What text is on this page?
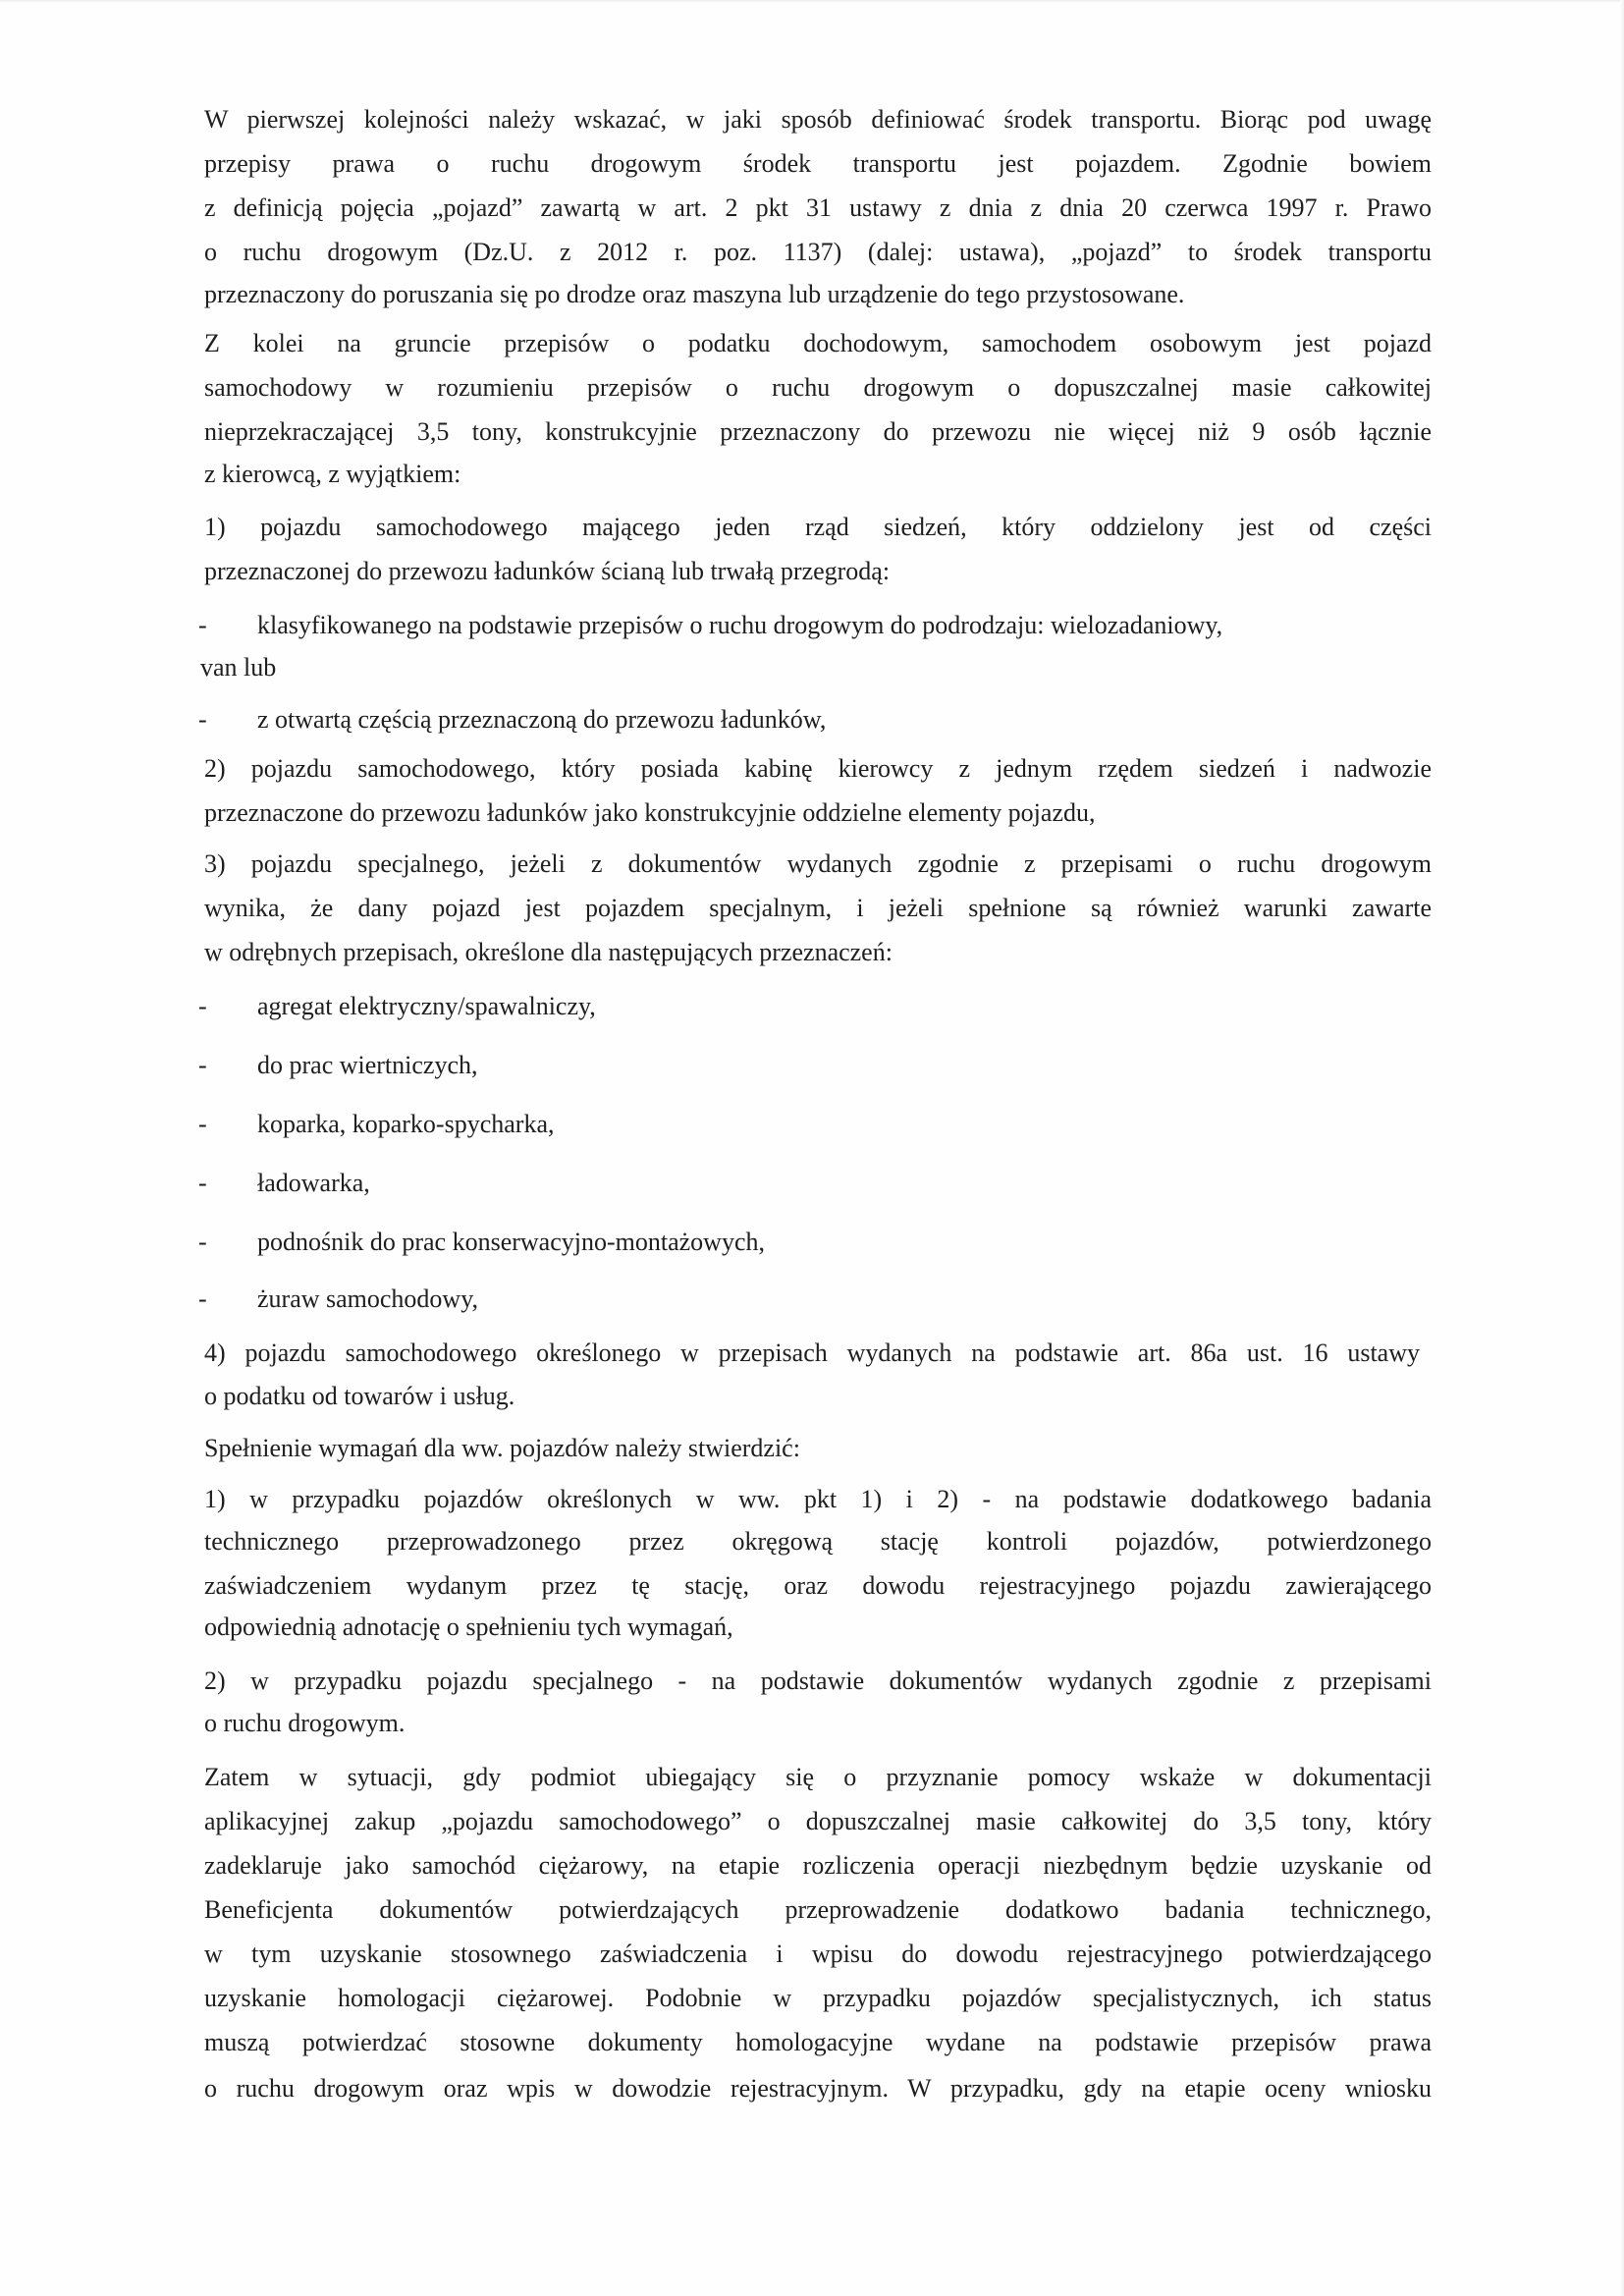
W pierwszej kolejności należy wskazać, w jaki sposób definiować środek transportu. Biorąc pod uwagę
przepisy prawa o ruchu drogowym środek transportu jest pojazdem. Zgodnie bowiem
z definicją pojęcia „pojazd” zawartą w art. 2 pkt 31 ustawy z dnia z dnia 20 czerwca 1997 r. Prawo
o ruchu drogowym (Dz.U. z 2012 r. poz. 1137) (dalej: ustawa), „pojazd” to środek transportu
przeznaczony do poruszania się po drodze oraz maszyna lub urządzenie do tego przystosowane.
Z kolei na gruncie przepisów o podatku dochodowym, samochodem osobowym jest pojazd
samochodowy w rozumieniu przepisów o ruchu drogowym o dopuszczalnej masie całkowitej
nieprzekraczającej 3,5 tony, konstrukcyjnie przeznaczony do przewozu nie więcej niż 9 osób łącznie
z kierowcą, z wyjątkiem:
1) pojazdu samochodowego mającego jeden rząd siedzeń, który oddzielony jest od części
przeznaczonej do przewozu ładunków ścianą lub trwałą przegrodą:
- klasyfikowanego na podstawie przepisów o ruchu drogowym do podrodzaju: wielozadaniowy,
van lub
- z otwartą częścią przeznaczoną do przewozu ładunków,
2) pojazdu samochodowego, który posiada kabinę kierowcy z jednym rzędem siedzeń i nadwozie
przeznaczone do przewozu ładunków jako konstrukcyjnie oddzielne elementy pojazdu,
3) pojazdu specjalnego, jeżeli z dokumentów wydanych zgodnie z przepisami o ruchu drogowym
wynika, że dany pojazd jest pojazdem specjalnym, i jeżeli spełnione są również warunki zawarte
w odrębnych przepisach, określone dla następujących przeznaczeń:
- agregat elektryczny/spawalniczy,
- do prac wiertniczych,
- koparka, koparko-spycharka,
- ładowarka,
- podnośnik do prac konserwacyjno-montażowych,
- żuraw samochodowy,
4) pojazdu samochodowego określonego w przepisach wydanych na podstawie art. 86a ust. 16 ustawy
o podatku od towarów i usług.
Spełnienie wymagań dla ww. pojazdów należy stwierdzić:
1) w przypadku pojazdów określonych w ww. pkt 1) i 2) - na podstawie dodatkowego badania
technicznego przeprowadzonego przez okręgową stację kontroli pojazdów, potwierdzonego
zaświadczeniem wydanym przez tę stację, oraz dowodu rejestracyjnego pojazdu zawierającego
odpowiednią adnotację o spełnieniu tych wymagań,
2) w przypadku pojazdu specjalnego - na podstawie dokumentów wydanych zgodnie z przepisami
o ruchu drogowym.
Zatem w sytuacji, gdy podmiot ubiegający się o przyznanie pomocy wskaże w dokumentacji
aplikacyjnej zakup „pojazdu samochodowego” o dopuszczalnej masie całkowitej do 3,5 tony, który
zadeklaruje jako samochód ciężarowy, na etapie rozliczenia operacji niezbędnym będzie uzyskanie od
Beneficjenta dokumentów potwierdzających przeprowadzenie dodatkowo badania technicznego,
w tym uzyskanie stosownego zaświadczenia i wpisu do dowodu rejestracyjnego potwierdzającego
uzyskanie homologacji ciężarowej. Podobnie w przypadku pojazdów specjalistycznych, ich status
muszą potwierdzać stosowne dokumenty homologacyjne wydane na podstawie przepisów prawa
o ruchu drogowym oraz wpis w dowodzie rejestracyjnym. W przypadku, gdy na etapie oceny wniosku
